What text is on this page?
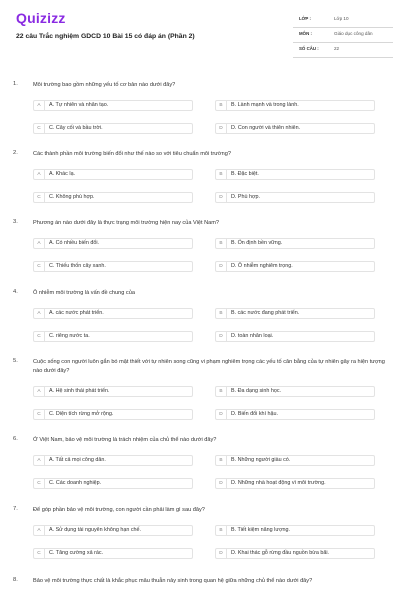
Quizizz
22 câu Trắc nghiệm GDCD 10 Bài 15 có đáp án (Phần 2)
LỚP :	Lớp 10
MÔN :	Giáo dục công dân
SỐ CÂU :	22
1.	Môi trường bao gồm những yếu tố cơ bản nào dưới đây?
A	A. Tự nhiên và nhân tạo.	B	B. Lành mạnh và trong lành.
C	C. Cây cối và bầu trời.	D	D. Con người và thiên nhiên.
2.	Các thành phần môi trường biến đổi như thế nào so với tiêu chuẩn môi trường?
A	A. Khác lạ.	B	B. Đặc biệt.
C	C. Không phù hợp.	D	D. Phù hợp.
3.	Phương án nào dưới đây là thực trạng môi trường hiện nay của Việt Nam?
A	A. Có nhiều biến đổi.	B	B. Ổn định bền vững.
C	C. Thiếu thốn cây xanh.	D	D. Ô nhiễm nghiêm trọng.
4.	Ô nhiễm môi trường là vấn đề chung của
A	A. các nước phát triển.	B	B. các nước đang phát triển.
C	C. riêng nước ta.	D	D. toàn nhân loại.
5.	Cuộc sống con người luôn gắn bó mật thiết với tự nhiên song cũng vi phạm nghiêm trọng các yếu tố cân bằng của tự nhiên gây ra hiện tượng nào dưới đây?
A	A. Hệ sinh thái phát triển.	B	B. Đa dạng sinh học.
C	C. Diện tích rừng mở rộng.	D	D. Biến đổi khí hậu.
6.	Ở Việt Nam, bảo vệ môi trường là trách nhiệm của chủ thể nào dưới đây?
A	A. Tất cả mọi công dân.	B	B. Những người giàu có.
C	C. Các doanh nghiệp.	D	D. Những nhà hoạt động vì môi trường.
7.	Để góp phần bảo vệ môi trường, con người cần phải làm gì sau đây?
A	A. Sử dụng tài nguyên không hạn chế.	B	B. Tiết kiệm năng lượng.
C	C. Tăng cường xả rác.	D	D. Khai thác gỗ rừng đầu nguồn bừa bãi.
8.	Bảo vệ môi trường thực chất là khắc phục mâu thuẫn nảy sinh trong quan hệ giữa những chủ thể nào dưới đây?
